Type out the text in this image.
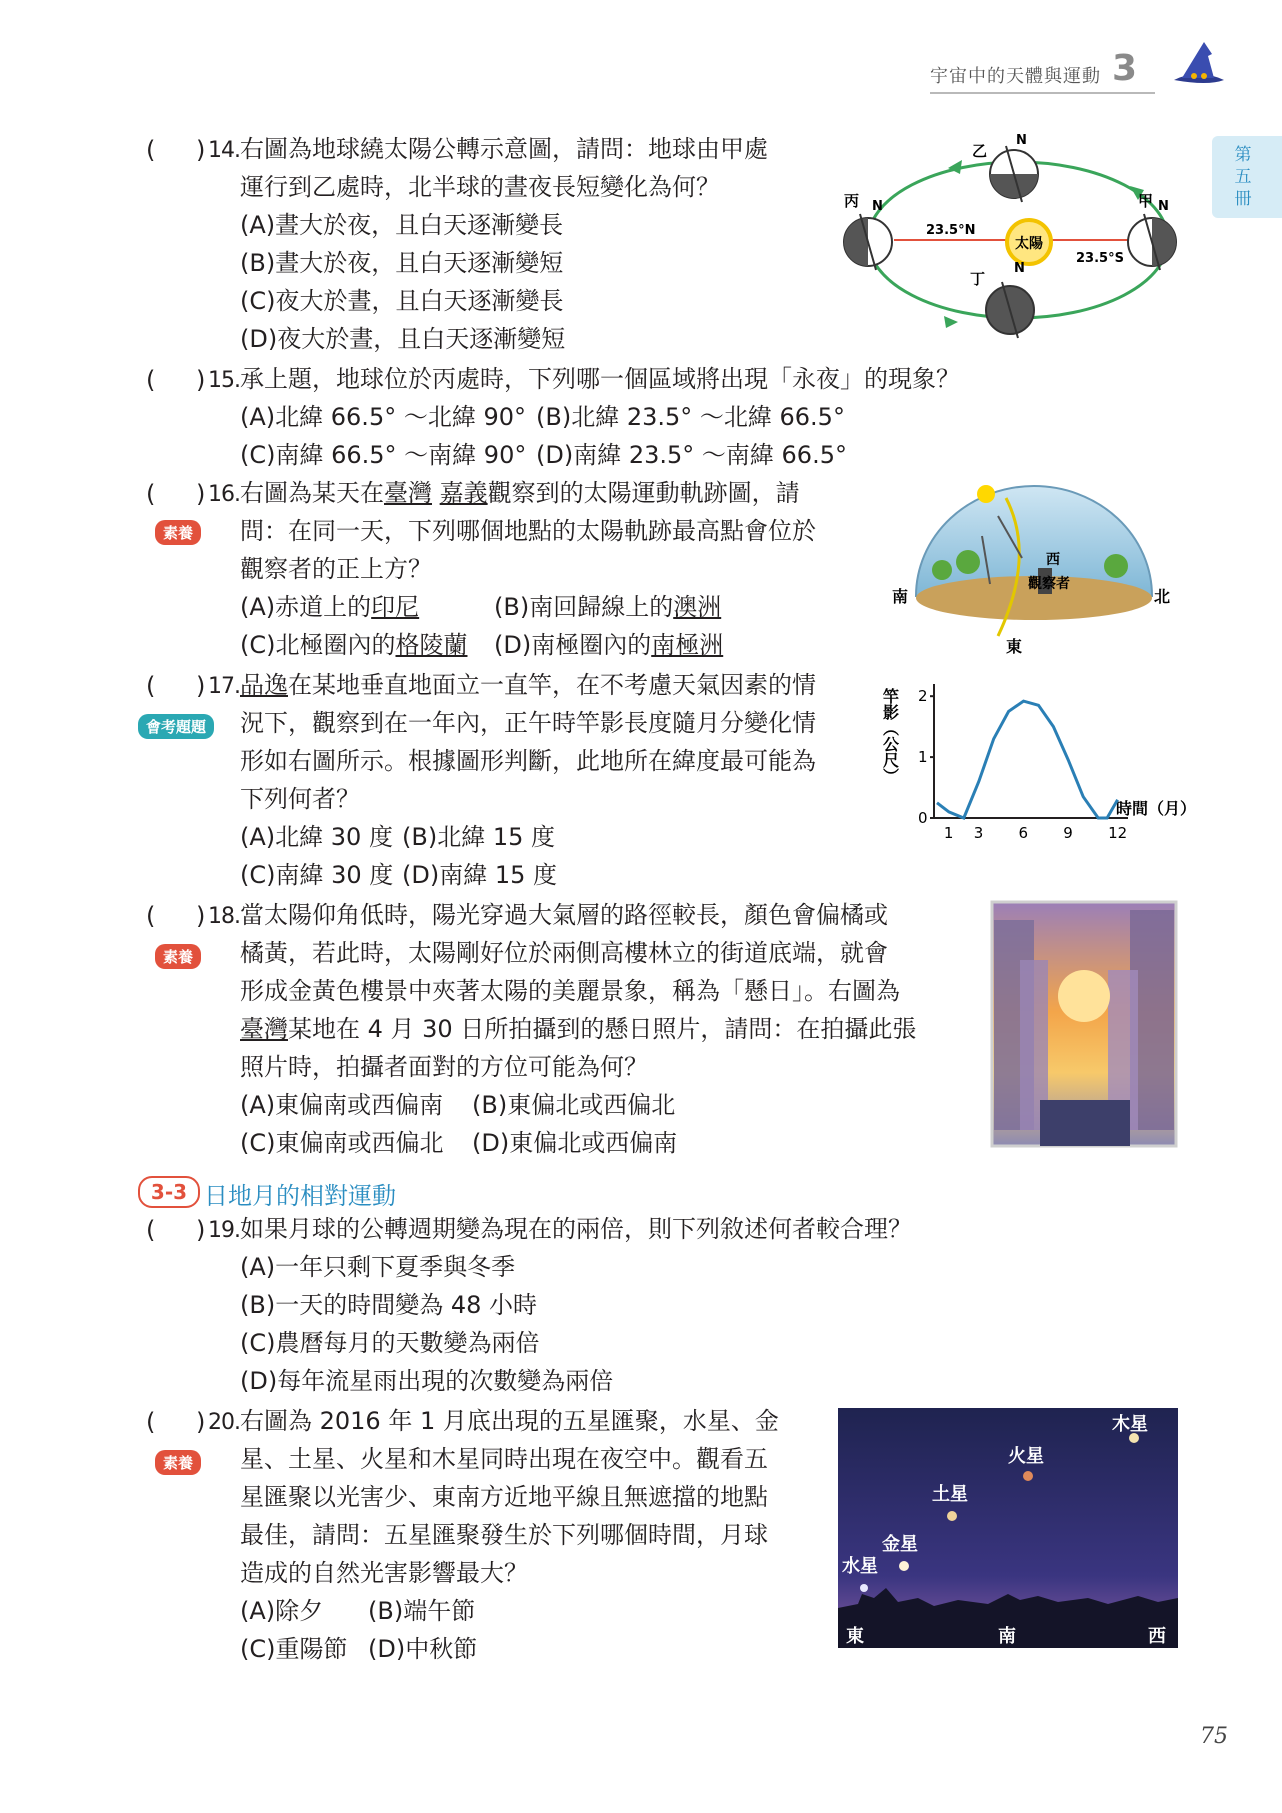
宇宙中的天體與運動 3
第五冊
( ) 14. 右圖為地球繞太陽公轉示意圖，請問：地球由甲處
運行到乙處時，北半球的晝夜長短變化為何？
(A)晝大於夜，且白天逐漸變長
(B)晝大於夜，且白天逐漸變短
(C)夜大於晝，且白天逐漸變長
(D)夜大於晝，且白天逐漸變短
太陽
23.5°N
23.5°S
丙 N	甲 N
乙
N
丁
N
( ) 15. 承上題，地球位於丙處時，下列哪一個區域將出現「永夜」的現象？
(A)北緯 66.5° ～北緯 90° (B)北緯 23.5° ～北緯 66.5°
(C)南緯 66.5° ～南緯 90° (D)南緯 23.5° ～南緯 66.5°
( ) 16.
素養
右圖為某天在臺灣 嘉義觀察到的太陽運動軌跡圖，請
問：在同一天，下列哪個地點的太陽軌跡最高點會位於
觀察者的正上方？
(A)赤道上的印尼	(B)南回歸線上的澳洲
(C)北極圈內的格陵蘭 (D)南極圈內的南極洲
西
觀察者
南	北
東
( ) 17.
會考題題
品逸在某地垂直地面立一直竿，在不考慮天氣因素的情
況下，觀察到在一年內，正午時竿影長度隨月分變化情
形如右圖所示。根據圖形判斷，此地所在緯度最可能為
下列何者？
(A)北緯 30 度 (B)北緯 15 度
(C)南緯 30 度 (D)南緯 15 度
竿影（公尺）
時間（月）
1 3 6 9 12
0
1
2
( ) 18.
素養
當太陽仰角低時，陽光穿過大氣層的路徑較長，顏色會偏橘或
橘黃，若此時，太陽剛好位於兩側高樓林立的街道底端，就會
形成金黃色樓景中夾著太陽的美麗景象，稱為「懸日」。右圖為
臺灣某地在 4 月 30 日所拍攝到的懸日照片，請問：在拍攝此張
照片時，拍攝者面對的方位可能為何？
(A)東偏南或西偏南 (B)東偏北或西偏北
(C)東偏南或西偏北 (D)東偏北或西偏南
3-3 日地月的相對運動
( ) 19. 如果月球的公轉週期變為現在的兩倍，則下列敘述何者較合理？
(A)一年只剩下夏季與冬季
(B)一天的時間變為 48 小時
(C)農曆每月的天數變為兩倍
(D)每年流星雨出現的次數變為兩倍
( ) 20.
素養
右圖為 2016 年 1 月底出現的五星匯聚，水星、金
星、土星、火星和木星同時出現在夜空中。觀看五
星匯聚以光害少、東南方近地平線且無遮擋的地點
最佳，請問：五星匯聚發生於下列哪個時間，月球
造成的自然光害影響最大？
(A)除夕 (B)端午節
(C)重陽節 (D)中秋節
木星
火星
土星
金星
水星
東	南	西
75
